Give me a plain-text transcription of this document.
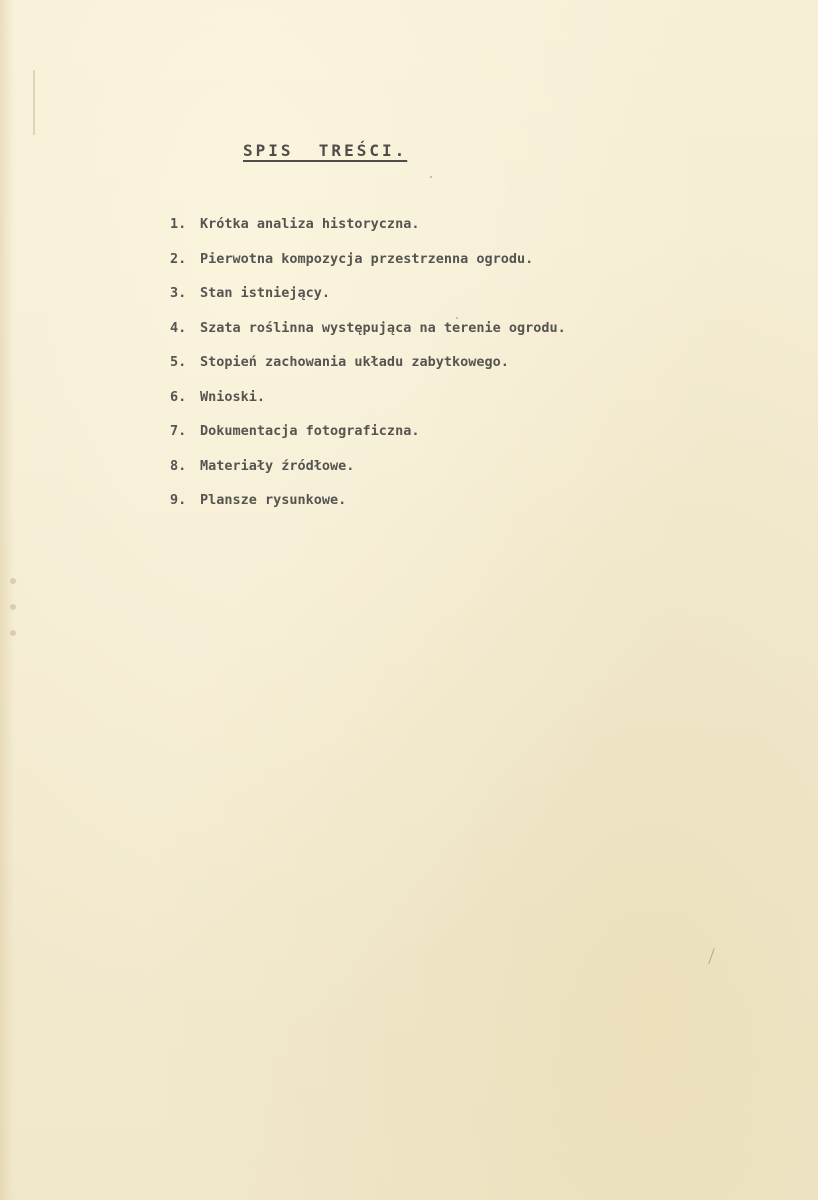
SPIS  TREŚCI.
1. Krótka analiza historyczna.
2. Pierwotna kompozycja przestrzenna ogrodu.
3. Stan istniejący.
4. Szata roślinna występująca na terenie ogrodu.
5. Stopień zachowania układu zabytkowego.
6. Wnioski.
7. Dokumentacja fotograficzna.
8. Materiały źródłowe.
9. Plansze rysunkowe.
